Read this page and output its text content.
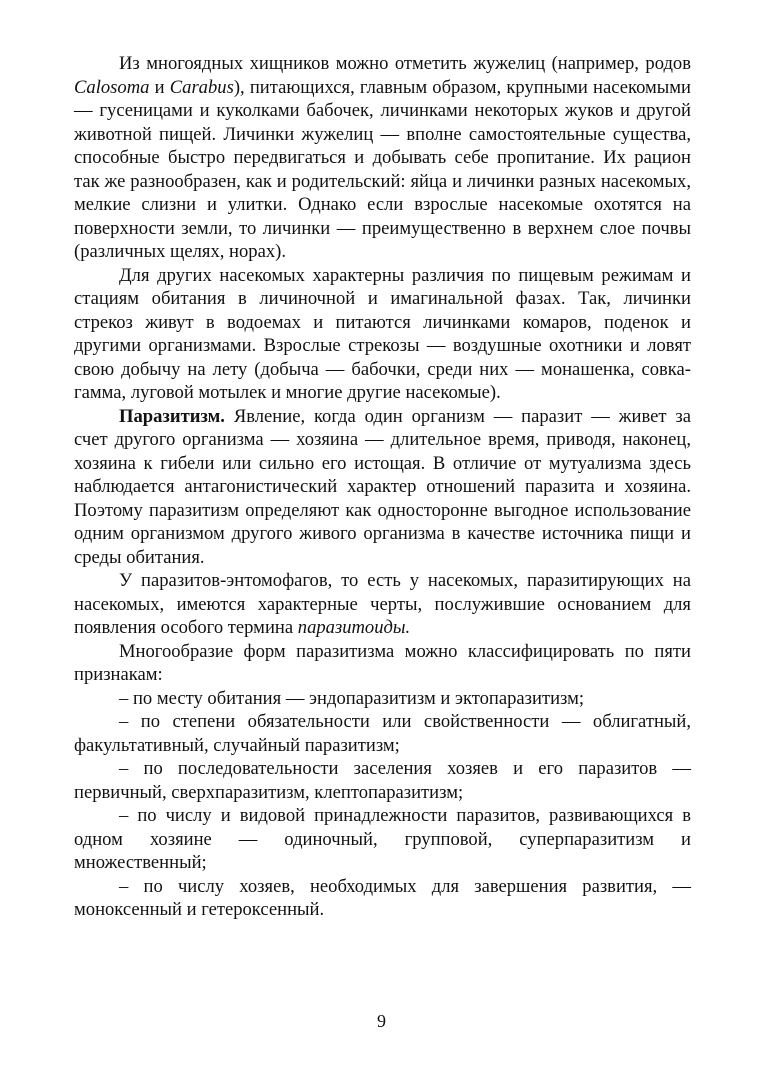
Из многоядных хищников можно отметить жужелиц (например, родов Calosoma и Carabus), питающихся, главным образом, крупными насекомыми — гусеницами и куколками бабочек, личинками некоторых жуков и другой животной пищей. Личинки жужелиц — вполне самостоятельные существа, способные быстро передвигаться и добывать себе пропитание. Их рацион так же разнообразен, как и родительский: яйца и личинки разных насекомых, мелкие слизни и улитки. Однако если взрослые насекомые охотятся на поверхности земли, то личинки — преимущественно в верхнем слое почвы (различных щелях, норах).

Для других насекомых характерны различия по пищевым режимам и стациям обитания в личиночной и имагинальной фазах. Так, личинки стрекоз живут в водоемах и питаются личинками комаров, поденок и другими организмами. Взрослые стрекозы — воздушные охотники и ловят свою добычу на лету (добыча — бабочки, среди них — монашенка, совка-гамма, луговой мотылек и многие другие насекомые).

Паразитизм. Явление, когда один организм — паразит — живет за счет другого организма — хозяина — длительное время, приводя, наконец, хозяина к гибели или сильно его истощая. В отличие от мутуализма здесь наблюдается антагонистический характер отношений паразита и хозяина. Поэтому паразитизм определяют как односторонне выгодное использование одним организмом другого живого организма в качестве источника пищи и среды обитания.

У паразитов-энтомофагов, то есть у насекомых, паразитирующих на насекомых, имеются характерные черты, послужившие основанием для появления особого термина паразитоиды.

Многообразие форм паразитизма можно классифицировать по пяти признакам:

– по месту обитания — эндопаразитизм и эктопаразитизм;

– по степени обязательности или свойственности — облигатный, факультативный, случайный паразитизм;

– по последовательности заселения хозяев и его паразитов — первичный, сверхпаразитизм, клептопаразитизм;

– по числу и видовой принадлежности паразитов, развивающихся в одном хозяине — одиночный, групповой, суперпаразитизм и множественный;

– по числу хозяев, необходимых для завершения развития, — моноксенный и гетероксенный.

9
